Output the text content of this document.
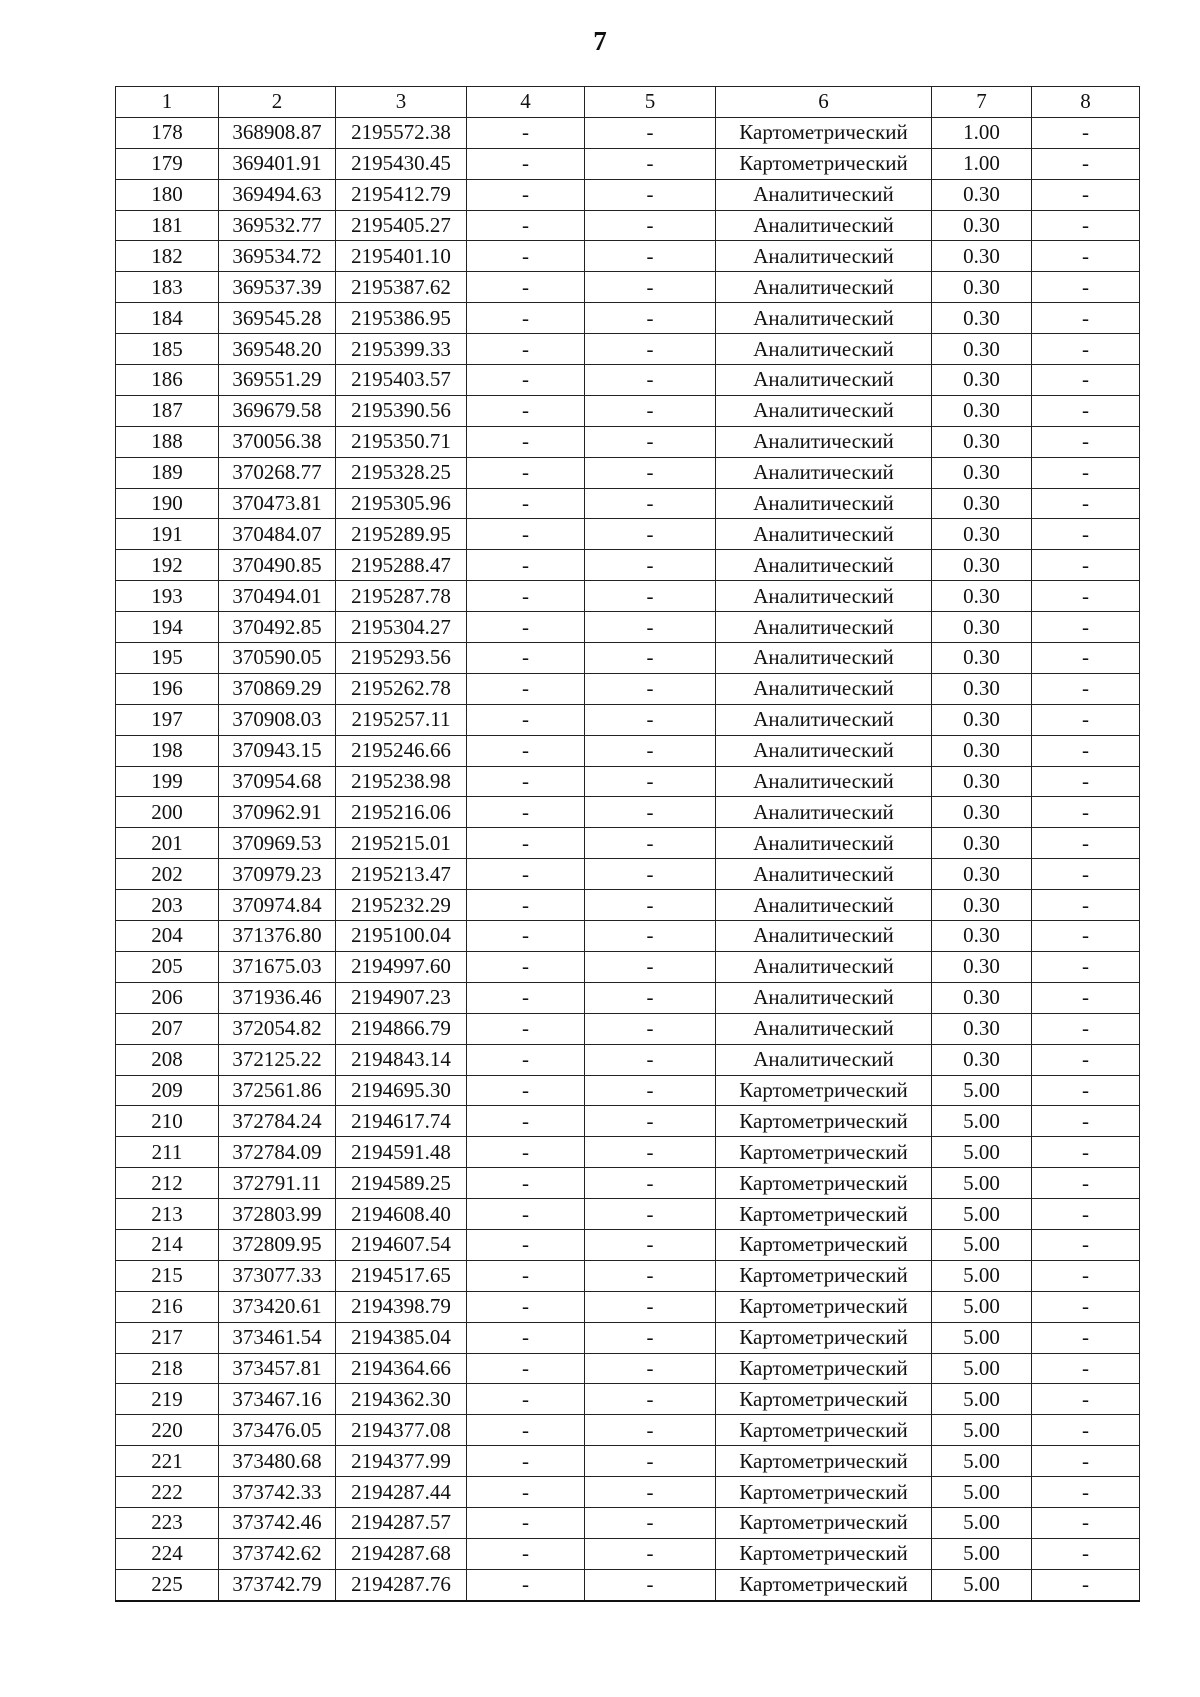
7
1	2	3	4	5	6	7	8
178	368908.87	2195572.38	-	-	Картометрический	1.00	-
179	369401.91	2195430.45	-	-	Картометрический	1.00	-
180	369494.63	2195412.79	-	-	Аналитический	0.30	-
181	369532.77	2195405.27	-	-	Аналитический	0.30	-
182	369534.72	2195401.10	-	-	Аналитический	0.30	-
183	369537.39	2195387.62	-	-	Аналитический	0.30	-
184	369545.28	2195386.95	-	-	Аналитический	0.30	-
185	369548.20	2195399.33	-	-	Аналитический	0.30	-
186	369551.29	2195403.57	-	-	Аналитический	0.30	-
187	369679.58	2195390.56	-	-	Аналитический	0.30	-
188	370056.38	2195350.71	-	-	Аналитический	0.30	-
189	370268.77	2195328.25	-	-	Аналитический	0.30	-
190	370473.81	2195305.96	-	-	Аналитический	0.30	-
191	370484.07	2195289.95	-	-	Аналитический	0.30	-
192	370490.85	2195288.47	-	-	Аналитический	0.30	-
193	370494.01	2195287.78	-	-	Аналитический	0.30	-
194	370492.85	2195304.27	-	-	Аналитический	0.30	-
195	370590.05	2195293.56	-	-	Аналитический	0.30	-
196	370869.29	2195262.78	-	-	Аналитический	0.30	-
197	370908.03	2195257.11	-	-	Аналитический	0.30	-
198	370943.15	2195246.66	-	-	Аналитический	0.30	-
199	370954.68	2195238.98	-	-	Аналитический	0.30	-
200	370962.91	2195216.06	-	-	Аналитический	0.30	-
201	370969.53	2195215.01	-	-	Аналитический	0.30	-
202	370979.23	2195213.47	-	-	Аналитический	0.30	-
203	370974.84	2195232.29	-	-	Аналитический	0.30	-
204	371376.80	2195100.04	-	-	Аналитический	0.30	-
205	371675.03	2194997.60	-	-	Аналитический	0.30	-
206	371936.46	2194907.23	-	-	Аналитический	0.30	-
207	372054.82	2194866.79	-	-	Аналитический	0.30	-
208	372125.22	2194843.14	-	-	Аналитический	0.30	-
209	372561.86	2194695.30	-	-	Картометрический	5.00	-
210	372784.24	2194617.74	-	-	Картометрический	5.00	-
211	372784.09	2194591.48	-	-	Картометрический	5.00	-
212	372791.11	2194589.25	-	-	Картометрический	5.00	-
213	372803.99	2194608.40	-	-	Картометрический	5.00	-
214	372809.95	2194607.54	-	-	Картометрический	5.00	-
215	373077.33	2194517.65	-	-	Картометрический	5.00	-
216	373420.61	2194398.79	-	-	Картометрический	5.00	-
217	373461.54	2194385.04	-	-	Картометрический	5.00	-
218	373457.81	2194364.66	-	-	Картометрический	5.00	-
219	373467.16	2194362.30	-	-	Картометрический	5.00	-
220	373476.05	2194377.08	-	-	Картометрический	5.00	-
221	373480.68	2194377.99	-	-	Картометрический	5.00	-
222	373742.33	2194287.44	-	-	Картометрический	5.00	-
223	373742.46	2194287.57	-	-	Картометрический	5.00	-
224	373742.62	2194287.68	-	-	Картометрический	5.00	-
225	373742.79	2194287.76	-	-	Картометрический	5.00	-
